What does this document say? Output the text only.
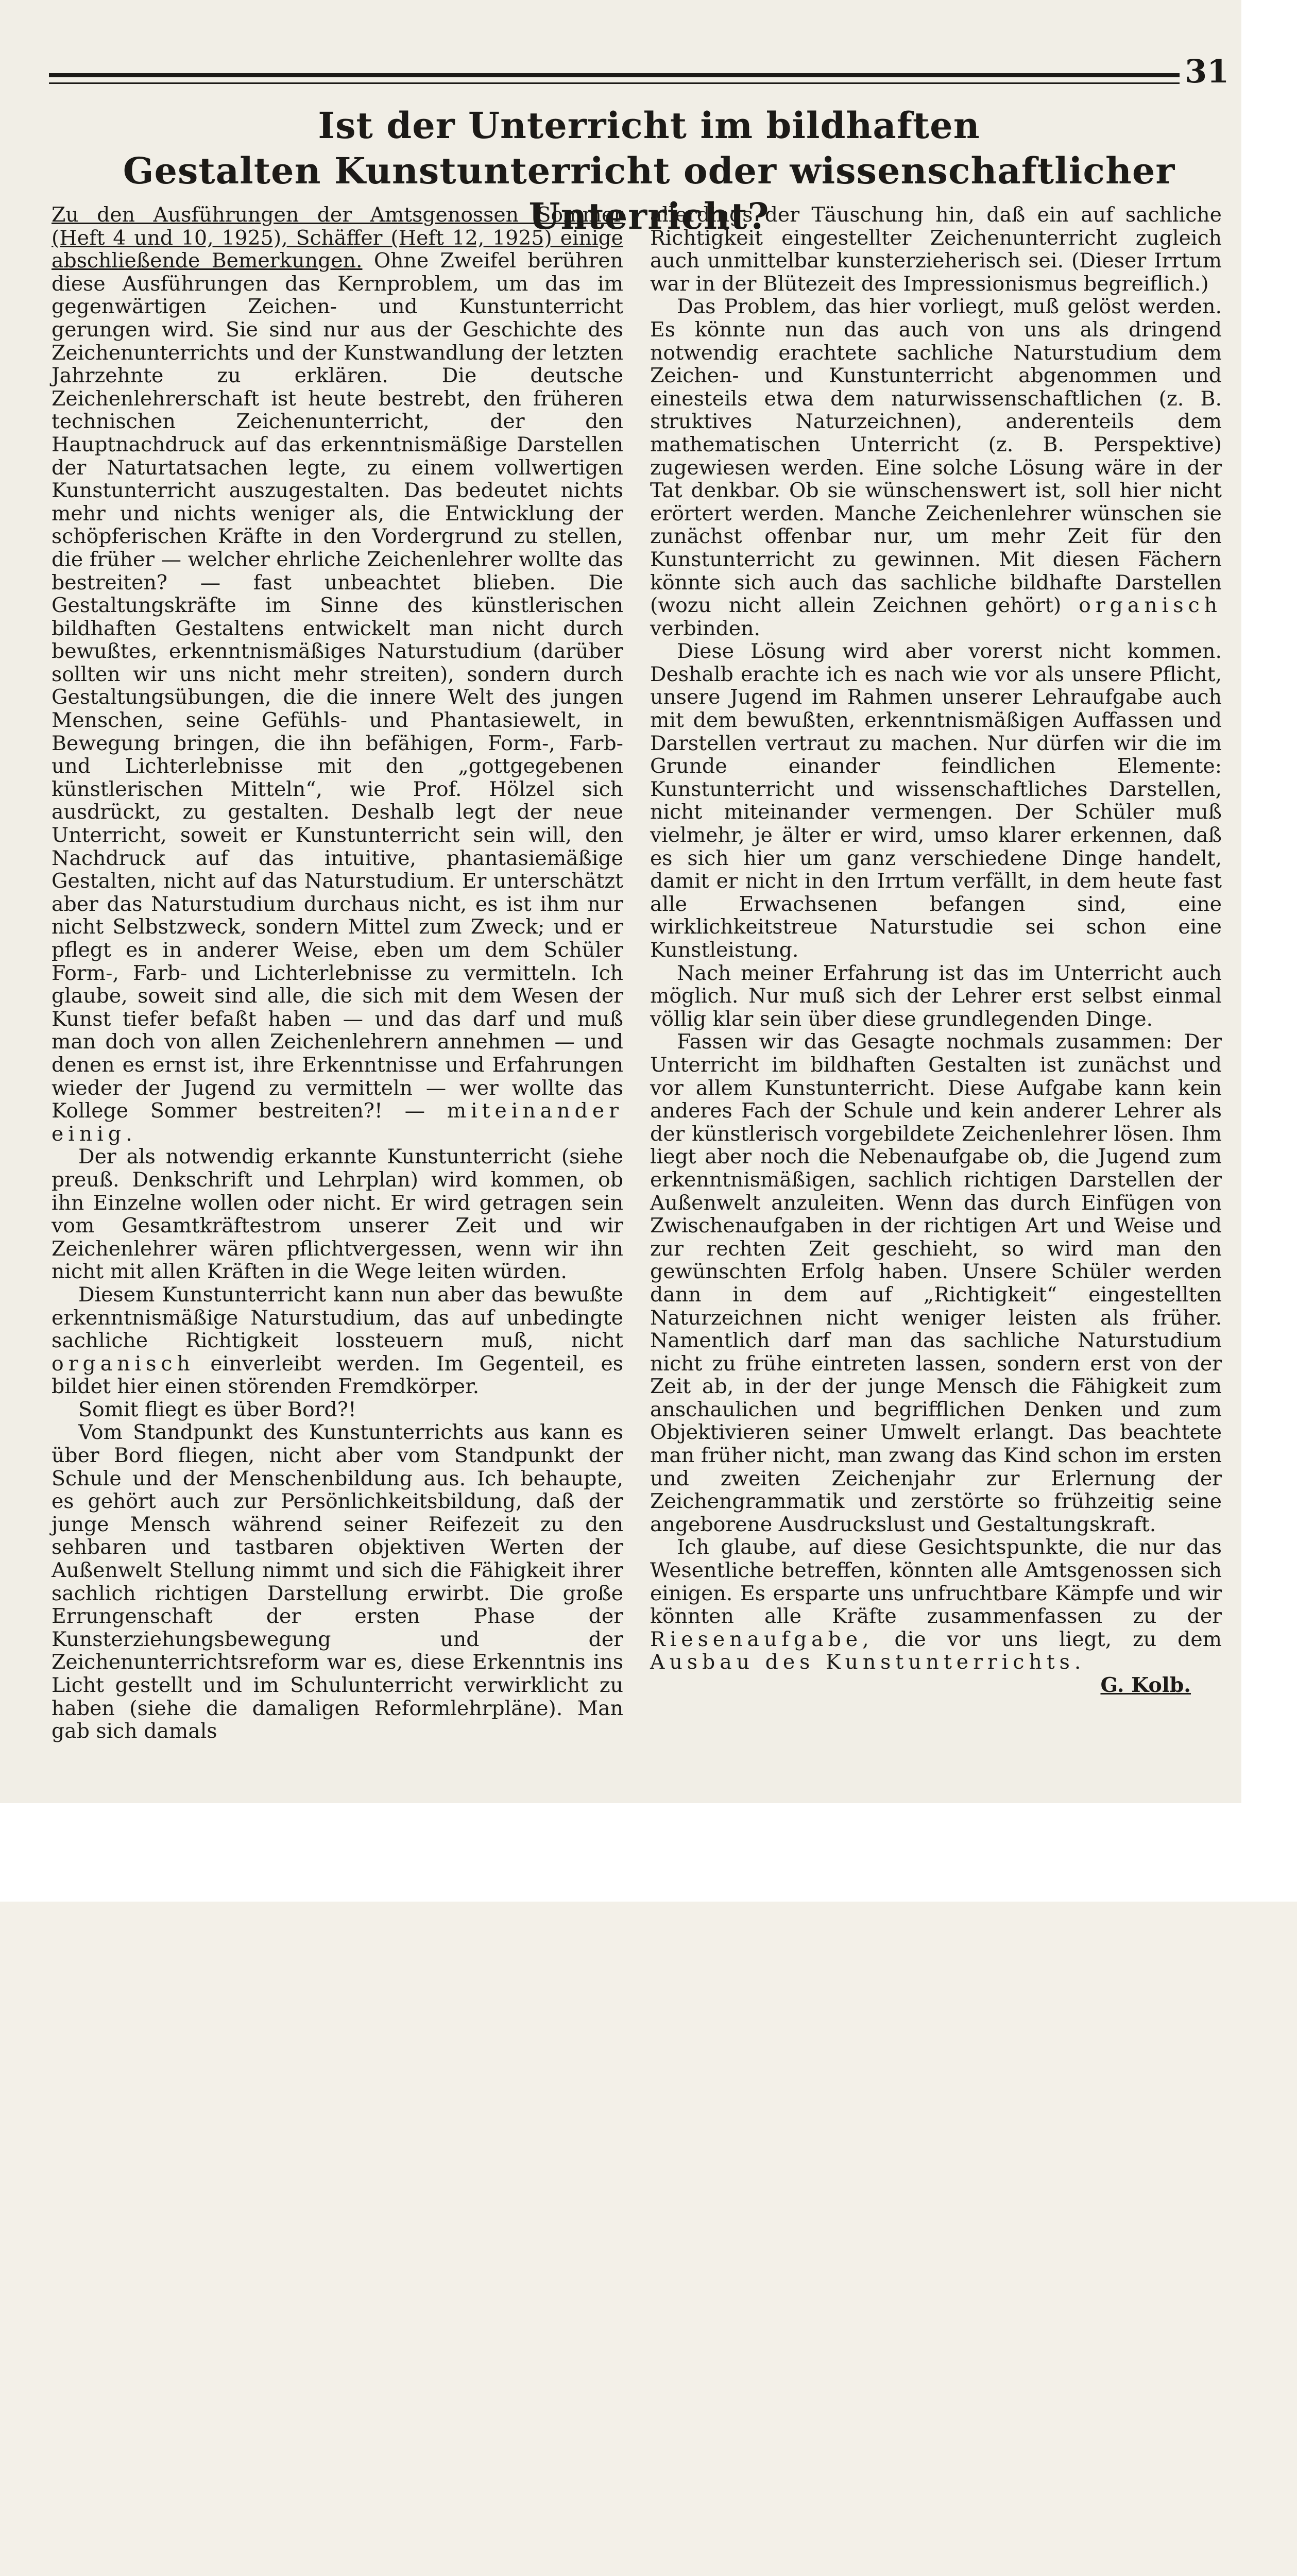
31
Ist der Unterricht im bildhaften
Gestalten Kunstunterricht oder wissenschaftlicher Unterricht?

Zu den Ausführungen der Amtsgenossen Sommer (Heft 4 und 10, 1925), Schäffer (Heft 12, 1925) einige abschließende Bemerkungen. Ohne Zweifel berühren diese Ausführungen das Kernproblem, um das im gegenwärtigen Zeichen- und Kunstunterricht gerungen wird. Sie sind nur aus der Geschichte des Zeichenunterrichts und der Kunstwandlung der letzten Jahrzehnte zu erklären. Die deutsche Zeichenlehrerschaft ist heute bestrebt, den früheren technischen Zeichenunterricht, der den Hauptnachdruck auf das erkenntnismäßige Darstellen der Naturtatsachen legte, zu einem vollwertigen Kunstunterricht auszugestalten. Das bedeutet nichts mehr und nichts weniger als, die Entwicklung der schöpferischen Kräfte in den Vordergrund zu stellen, die früher — welcher ehrliche Zeichenlehrer wollte das bestreiten? — fast unbeachtet blieben. Die Gestaltungskräfte im Sinne des künstlerischen bildhaften Gestaltens entwickelt man nicht durch bewußtes, erkenntnismäßiges Naturstudium (darüber sollten wir uns nicht mehr streiten), sondern durch Gestaltungsübungen, die die innere Welt des jungen Menschen, seine Gefühls- und Phantasiewelt, in Bewegung bringen, die ihn befähigen, Form-, Farb- und Lichterlebnisse mit den „gottgegebenen künstlerischen Mitteln“, wie Prof. Hölzel sich ausdrückt, zu gestalten. Deshalb legt der neue Unterricht, soweit er Kunstunterricht sein will, den Nachdruck auf das intuitive, phantasiemäßige Gestalten, nicht auf das Naturstudium. Er unterschätzt aber das Naturstudium durchaus nicht, es ist ihm nur nicht Selbstzweck, sondern Mittel zum Zweck; und er pflegt es in anderer Weise, eben um dem Schüler Form-, Farb- und Lichterlebnisse zu vermitteln. Ich glaube, soweit sind alle, die sich mit dem Wesen der Kunst tiefer befaßt haben — und das darf und muß man doch von allen Zeichenlehrern annehmen — und denen es ernst ist, ihre Erkenntnisse und Erfahrungen wieder der Jugend zu vermitteln — wer wollte das Kollege Sommer bestreiten?! — miteinander einig.

Der als notwendig erkannte Kunstunterricht (siehe preuß. Denkschrift und Lehrplan) wird kommen, ob ihn Einzelne wollen oder nicht. Er wird getragen sein vom Gesamtkräftestrom unserer Zeit und wir Zeichenlehrer wären pflichtvergessen, wenn wir ihn nicht mit allen Kräften in die Wege leiten würden.

Diesem Kunstunterricht kann nun aber das bewußte erkenntnismäßige Naturstudium, das auf unbedingte sachliche Richtigkeit lossteuern muß, nicht organisch einverleibt werden. Im Gegenteil, es bildet hier einen störenden Fremdkörper.

Somit fliegt es über Bord?!

Vom Standpunkt des Kunstunterrichts aus kann es über Bord fliegen, nicht aber vom Standpunkt der Schule und der Menschenbildung aus. Ich behaupte, es gehört auch zur Persönlichkeitsbildung, daß der junge Mensch während seiner Reifezeit zu den sehbaren und tastbaren objektiven Werten der Außenwelt Stellung nimmt und sich die Fähigkeit ihrer sachlich richtigen Darstellung erwirbt. Die große Errungenschaft der ersten Phase der Kunsterziehungsbewegung und der Zeichenunterrichtsreform war es, diese Erkenntnis ins Licht gestellt und im Schulunterricht verwirklicht zu haben (siehe die damaligen Reformlehrpläne). Man gab sich damals

allerdings der Täuschung hin, daß ein auf sachliche Richtigkeit eingestellter Zeichenunterricht zugleich auch unmittelbar kunsterzieherisch sei. (Dieser Irrtum war in der Blütezeit des Impressionismus begreiflich.)

Das Problem, das hier vorliegt, muß gelöst werden. Es könnte nun das auch von uns als dringend notwendig erachtete sachliche Naturstudium dem Zeichen- und Kunstunterricht abgenommen und einesteils etwa dem naturwissenschaftlichen (z. B. struktives Naturzeichnen), anderenteils dem mathematischen Unterricht (z. B. Perspektive) zugewiesen werden. Eine solche Lösung wäre in der Tat denkbar. Ob sie wünschenswert ist, soll hier nicht erörtert werden. Manche Zeichenlehrer wünschen sie zunächst offenbar nur, um mehr Zeit für den Kunstunterricht zu gewinnen. Mit diesen Fächern könnte sich auch das sachliche bildhafte Darstellen (wozu nicht allein Zeichnen gehört) organisch verbinden.

Diese Lösung wird aber vorerst nicht kommen. Deshalb erachte ich es nach wie vor als unsere Pflicht, unsere Jugend im Rahmen unserer Lehraufgabe auch mit dem bewußten, erkenntnismäßigen Auffassen und Darstellen vertraut zu machen. Nur dürfen wir die im Grunde einander feindlichen Elemente: Kunstunterricht und wissenschaftliches Darstellen, nicht miteinander vermengen. Der Schüler muß vielmehr, je älter er wird, umso klarer erkennen, daß es sich hier um ganz verschiedene Dinge handelt, damit er nicht in den Irrtum verfällt, in dem heute fast alle Erwachsenen befangen sind, eine wirklichkeitstreue Naturstudie sei schon eine Kunstleistung.

Nach meiner Erfahrung ist das im Unterricht auch möglich. Nur muß sich der Lehrer erst selbst einmal völlig klar sein über diese grundlegenden Dinge.

Fassen wir das Gesagte nochmals zusammen: Der Unterricht im bildhaften Gestalten ist zunächst und vor allem Kunstunterricht. Diese Aufgabe kann kein anderes Fach der Schule und kein anderer Lehrer als der künstlerisch vorgebildete Zeichenlehrer lösen. Ihm liegt aber noch die Nebenaufgabe ob, die Jugend zum erkenntnismäßigen, sachlich richtigen Darstellen der Außenwelt anzuleiten. Wenn das durch Einfügen von Zwischenaufgaben in der richtigen Art und Weise und zur rechten Zeit geschieht, so wird man den gewünschten Erfolg haben. Unsere Schüler werden dann in dem auf „Richtigkeit“ eingestellten Naturzeichnen nicht weniger leisten als früher. Namentlich darf man das sachliche Naturstudium nicht zu frühe eintreten lassen, sondern erst von der Zeit ab, in der der junge Mensch die Fähigkeit zum anschaulichen und begrifflichen Denken und zum Objektivieren seiner Umwelt erlangt. Das beachtete man früher nicht, man zwang das Kind schon im ersten und zweiten Zeichenjahr zur Erlernung der Zeichengrammatik und zerstörte so frühzeitig seine angeborene Ausdruckslust und Gestaltungskraft.

Ich glaube, auf diese Gesichtspunkte, die nur das Wesentliche betreffen, könnten alle Amtsgenossen sich einigen. Es ersparte uns unfruchtbare Kämpfe und wir könnten alle Kräfte zusammenfassen zu der Riesenaufgabe, die vor uns liegt, zu dem Ausbau des Kunstunterrichts.

G. Kolb.
